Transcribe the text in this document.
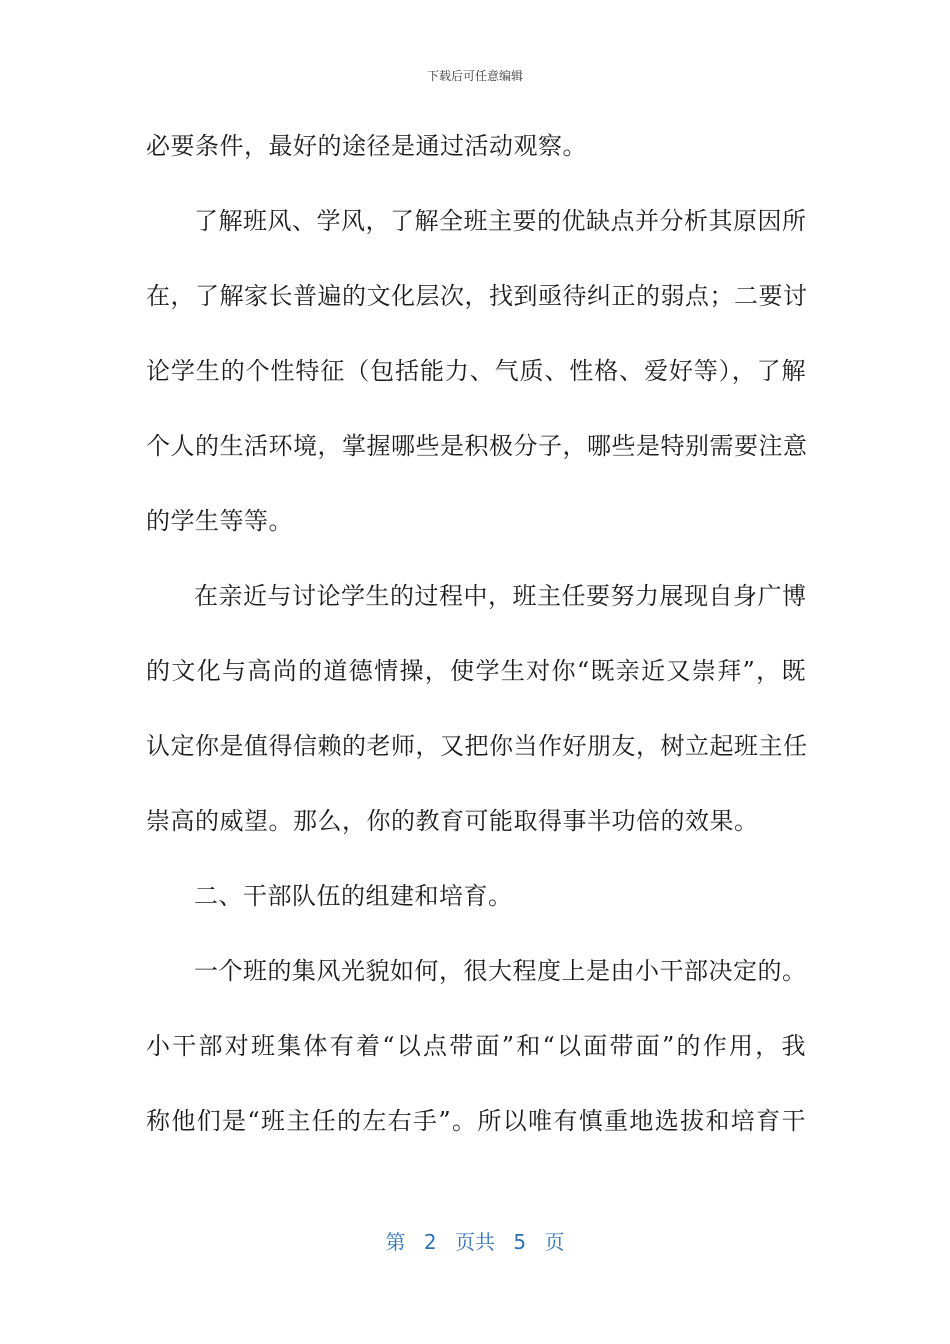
下载后可任意编辑
必要条件，最好的途径是通过活动观察。
了解班风、学风，了解全班主要的优缺点并分析其原因所
在，了解家长普遍的文化层次，找到亟待纠正的弱点；二要讨
论学生的个性特征（包括能力、气质、性格、爱好等），了解
个人的生活环境，掌握哪些是积极分子，哪些是特别需要注意
的学生等等。
在亲近与讨论学生的过程中，班主任要努力展现自身广博
的文化与高尚的道德情操，使学生对你“既亲近又崇拜”，既
认定你是值得信赖的老师，又把你当作好朋友，树立起班主任
崇高的威望。那么，你的教育可能取得事半功倍的效果。
二、干部队伍的组建和培育。
一个班的集风光貌如何，很大程度上是由小干部决定的。
小干部对班集体有着“以点带面”和“以面带面”的作用，我
称他们是“班主任的左右手”。所以唯有慎重地选拔和培育干
第 2 页共 5 页
